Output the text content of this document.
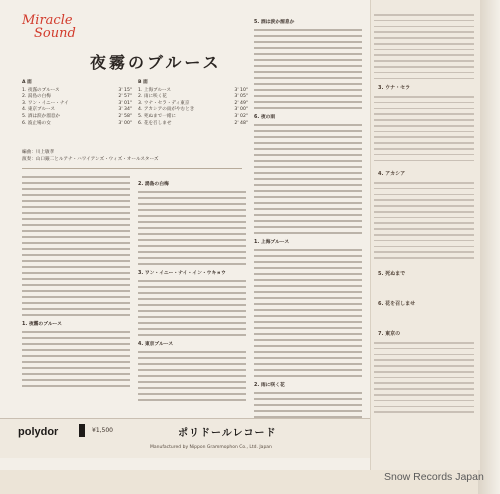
3. ウナ・セラ
4. アカシア
5. 死ぬまで
6. 花を召しませ
7. 東京の
Miracle
Sound
夜霧のブルース
A 面
1. 夜霧のブルース	3' 15"
2. 湯島の白梅	2' 57"
3. ワン・イニー・ナイ	3' 01"
4. 東京ブルース	3' 34"
5. 酒は涙か溜息か	2' 58"
6. 波止場の女	3' 00"
B 面
1. 上海ブルース	3' 10"
2. 雨に咲く花	3' 05"
3. ウナ・セラ・ディ東京	2' 49"
4. アカシアの雨がやむとき	3' 00"
5. 死ぬまで一緒に	3' 02"
6. 花を召しませ	2' 48"
編曲：川上敏孝
演奏：山口銀二とルアナ・ハワイアンズ・ウィズ・オールスターズ
1. 夜霧のブルース
2. 湯島の白梅
3. ワン・イニー・ナイ・イン・ウキョウ
4. 東京ブルース
5. 酒は涙か溜息か
6. 夜の雨
1. 上海ブルース
2. 雨に咲く花
polydor	¥1,500	ポリドールレコード
Manufactured by Nippon Grammophon Co., Ltd. Japan
Snow Records Japan
